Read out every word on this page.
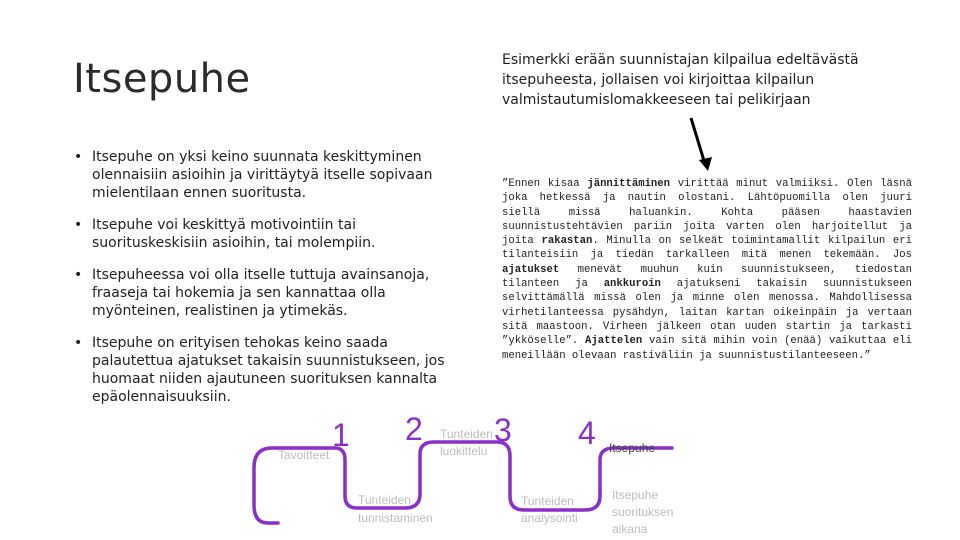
Itsepuhe
• Itsepuhe on yksi keino suunnata keskittyminen olennaisiin asioihin ja virittäytyä itselle sopivaan mielentilaan ennen suoritusta.
• Itsepuhe voi keskittyä motivointiin tai suorituskeskisiin asioihin, tai molempiin.
• Itsepuheessa voi olla itselle tuttuja avainsanoja, fraaseja tai hokemia ja sen kannattaa olla myönteinen, realistinen ja ytimekäs.
• Itsepuhe on erityisen tehokas keino saada palautettua ajatukset takaisin suunnistukseen, jos huomaat niiden ajautuneen suorituksen kannalta epäolennaisuuksiin.
Esimerkki erään suunnistajan kilpailua edeltävästä itsepuheesta, jollaisen voi kirjoittaa kilpailun valmistautumislomakkeeseen tai pelikirjaan
”Ennen kisaa jännittäminen virittää minut valmiiksi. Olen läsnä joka hetkessä ja nautin olostani. Lähtöpuomilla olen juuri siellä missä haluankin. Kohta pääsen haastavien suunnistustehtävien pariin joita varten olen harjoitellut ja joita rakastan. Minulla on selkeät toimintamallit kilpailun eri tilanteisiin ja tiedän tarkalleen mitä menen tekemään. Jos ajatukset menevät muuhun kuin suunnistukseen, tiedostan tilanteen ja ankkuroin ajatukseni takaisin suunnistukseen selvittämällä missä olen ja minne olen menossa. Mahdollisessa virhetilanteessa pysähdyn, laitan kartan oikeinpäin ja vertaan sitä maastoon. Virheen jälkeen otan uuden startin ja tarkasti ”ykköselle”. Ajattelen vain sitä mihin voin (enää) vaikuttaa eli meneillään olevaan rastiväliin ja suunnistustilanteeseen.”
1 2 3 4
Tavoitteet
Tunteiden
tunnistaminen
Tunteiden
luokittelu
Tunteiden
analysointi
Itsepuhe
Itsepuhe
suorituksen
aikana
